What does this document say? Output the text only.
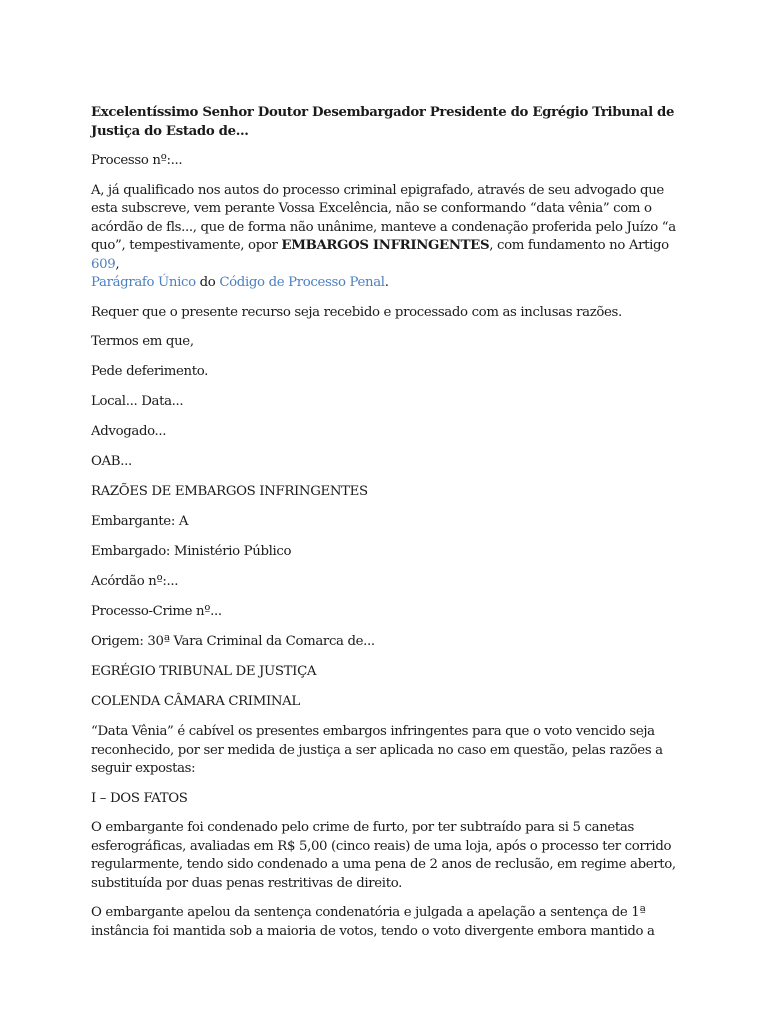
Excelentíssimo Senhor Doutor Desembargador Presidente do Egrégio Tribunal de Justiça do Estado de...

Processo nº:...

A, já qualificado nos autos do processo criminal epigrafado, através de seu advogado que esta subscreve, vem perante Vossa Excelência, não se conformando “data vênia” com o acórdão de fls..., que de forma não unânime, manteve a condenação proferida pelo Juízo “a quo”, tempestivamente, opor EMBARGOS INFRINGENTES, com fundamento no Artigo 609,
Parágrafo Único do Código de Processo Penal.

Requer que o presente recurso seja recebido e processado com as inclusas razões.

Termos em que,

Pede deferimento.

Local... Data...

Advogado...

OAB...

RAZÕES DE EMBARGOS INFRINGENTES

Embargante: A

Embargado: Ministério Público

Acórdão nº:...

Processo-Crime nº...

Origem: 30ª Vara Criminal da Comarca de...

EGRÉGIO TRIBUNAL DE JUSTIÇA

COLENDA CÂMARA CRIMINAL

“Data Vênia” é cabível os presentes embargos infringentes para que o voto vencido seja reconhecido, por ser medida de justiça a ser aplicada no caso em questão, pelas razões a seguir expostas:

I – DOS FATOS

O embargante foi condenado pelo crime de furto, por ter subtraído para si 5 canetas esferográficas, avaliadas em R$ 5,00 (cinco reais) de uma loja, após o processo ter corrido regularmente, tendo sido condenado a uma pena de 2 anos de reclusão, em regime aberto, substituída por duas penas restritivas de direito.

O embargante apelou da sentença condenatória e julgada a apelação a sentença de 1ª instância foi mantida sob a maioria de votos, tendo o voto divergente embora mantido a
